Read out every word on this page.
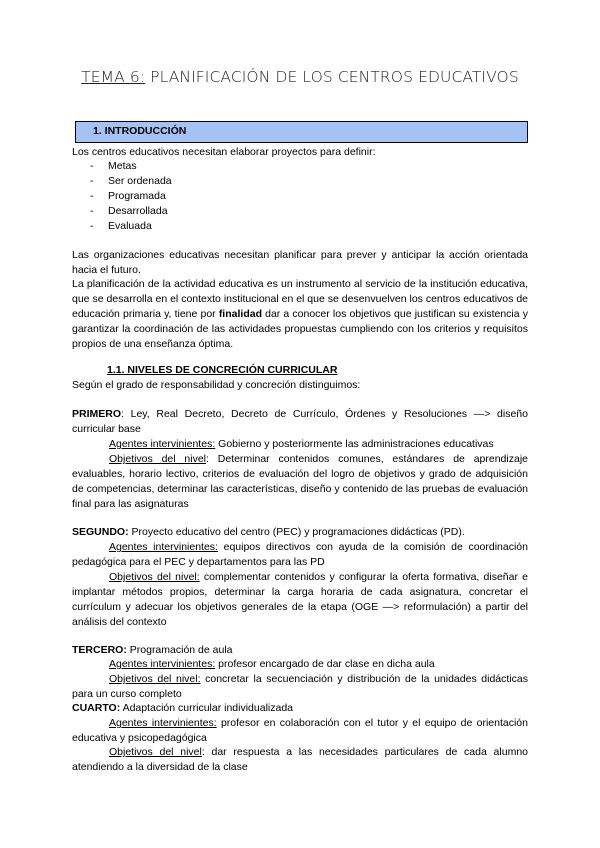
TEMA 6: PLANIFICACIÓN DE LOS CENTROS EDUCATIVOS
1. INTRODUCCIÓN
Los centros educativos necesitan elaborar proyectos para definir:
- Metas
- Ser ordenada
- Programada
- Desarrollada
- Evaluada
Las organizaciones educativas necesitan planificar para prever y anticipar la acción orientada hacia el futuro.
La planificación de la actividad educativa es un instrumento al servicio de la institución educativa, que se desarrolla en el contexto institucional en el que se desenvuelven los centros educativos de educación primaria y, tiene por finalidad dar a conocer los objetivos que justifican su existencia y garantizar la coordinación de las actividades propuestas cumpliendo con los criterios y requisitos propios de una enseñanza óptima.
1.1. NIVELES DE CONCRECIÓN CURRICULAR
Según el grado de responsabilidad y concreción distinguimos:
PRIMERO: Ley, Real Decreto, Decreto de Currículo, Órdenes y Resoluciones —> diseño curricular base
Agentes intervinientes: Gobierno y posteriormente las administraciones educativas
Objetivos del nivel: Determinar contenidos comunes, estándares de aprendizaje evaluables, horario lectivo, criterios de evaluación del logro de objetivos y grado de adquisición de competencias, determinar las características, diseño y contenido de las pruebas de evaluación final para las asignaturas
SEGUNDO: Proyecto educativo del centro (PEC) y programaciones didácticas (PD).
Agentes intervinientes: equipos directivos con ayuda de la comisión de coordinación pedagógica para el PEC y departamentos para las PD
Objetivos del nivel: complementar contenidos y configurar la oferta formativa, diseñar e implantar métodos propios, determinar la carga horaria de cada asignatura, concretar el currículum y adecuar los objetivos generales de la etapa (OGE —> reformulación) a partir del análisis del contexto
TERCERO: Programación de aula
Agentes intervinientes: profesor encargado de dar clase en dicha aula
Objetivos del nivel: concretar la secuenciación y distribución de la unidades didácticas para un curso completo
CUARTO: Adaptación curricular individualizada
Agentes intervinientes: profesor en colaboración con el tutor y el equipo de orientación educativa y psicopedagógica
Objetivos del nivel: dar respuesta a las necesidades particulares de cada alumno atendiendo a la diversidad de la clase
